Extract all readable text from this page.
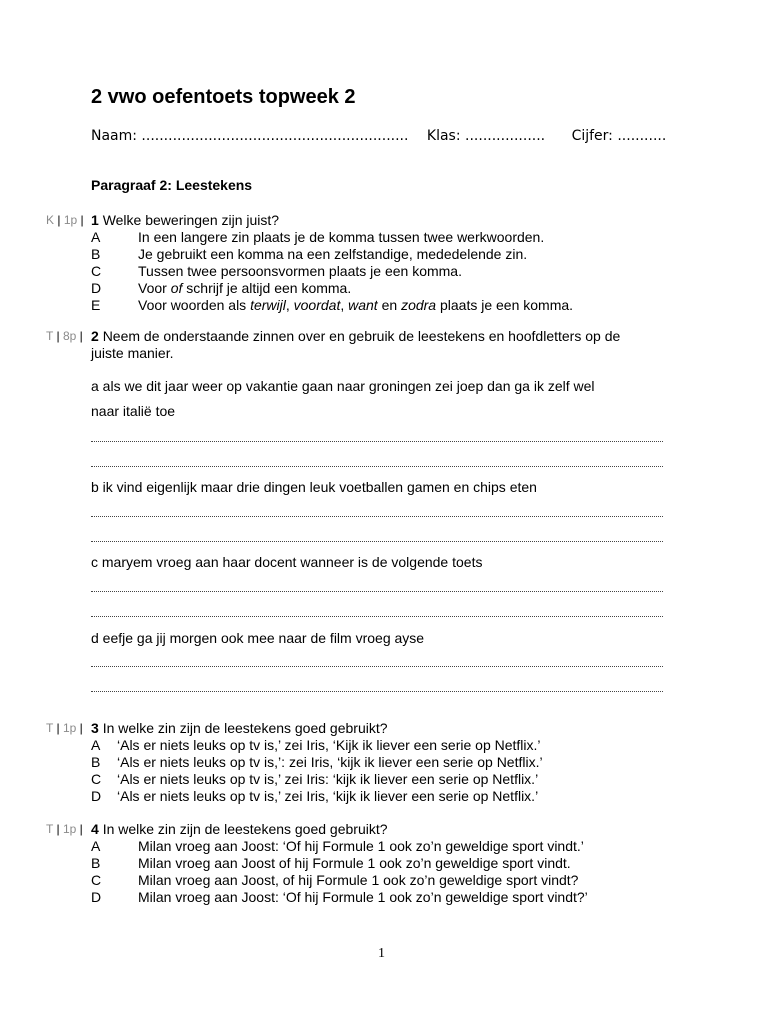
2 vwo oefentoets topweek 2
Naam: ............................................................ Klas: .................. Cijfer: ...........
Paragraaf 2: Leestekens
K | 1p | 1 Welke beweringen zijn juist?
A	In een langere zin plaats je de komma tussen twee werkwoorden.
B	Je gebruikt een komma na een zelfstandige, mededelende zin.
C	Tussen twee persoonsvormen plaats je een komma.
D	Voor of schrijf je altijd een komma.
E	Voor woorden als terwijl, voordat, want en zodra plaats je een komma.
T | 8p | 2 Neem de onderstaande zinnen over en gebruik de leestekens en hoofdletters op de
juiste manier.
a als we dit jaar weer op vakantie gaan naar groningen zei joep dan ga ik zelf wel
naar italië toe
b ik vind eigenlijk maar drie dingen leuk voetballen gamen en chips eten
c maryem vroeg aan haar docent wanneer is de volgende toets
d eefje ga jij morgen ook mee naar de film vroeg ayse
T | 1p | 3 In welke zin zijn de leestekens goed gebruikt?
A ‘Als er niets leuks op tv is,’ zei Iris, ‘Kijk ik liever een serie op Netflix.’
B ‘Als er niets leuks op tv is,’: zei Iris, ‘kijk ik liever een serie op Netflix.’
C ‘Als er niets leuks op tv is,’ zei Iris: ‘kijk ik liever een serie op Netflix.’
D ‘Als er niets leuks op tv is,’ zei Iris, ‘kijk ik liever een serie op Netflix.’
T | 1p | 4 In welke zin zijn de leestekens goed gebruikt?
A	Milan vroeg aan Joost: ‘Of hij Formule 1 ook zo’n geweldige sport vindt.’
B	Milan vroeg aan Joost of hij Formule 1 ook zo’n geweldige sport vindt.
C	Milan vroeg aan Joost, of hij Formule 1 ook zo’n geweldige sport vindt?
D	Milan vroeg aan Joost: ‘Of hij Formule 1 ook zo’n geweldige sport vindt?’
1
